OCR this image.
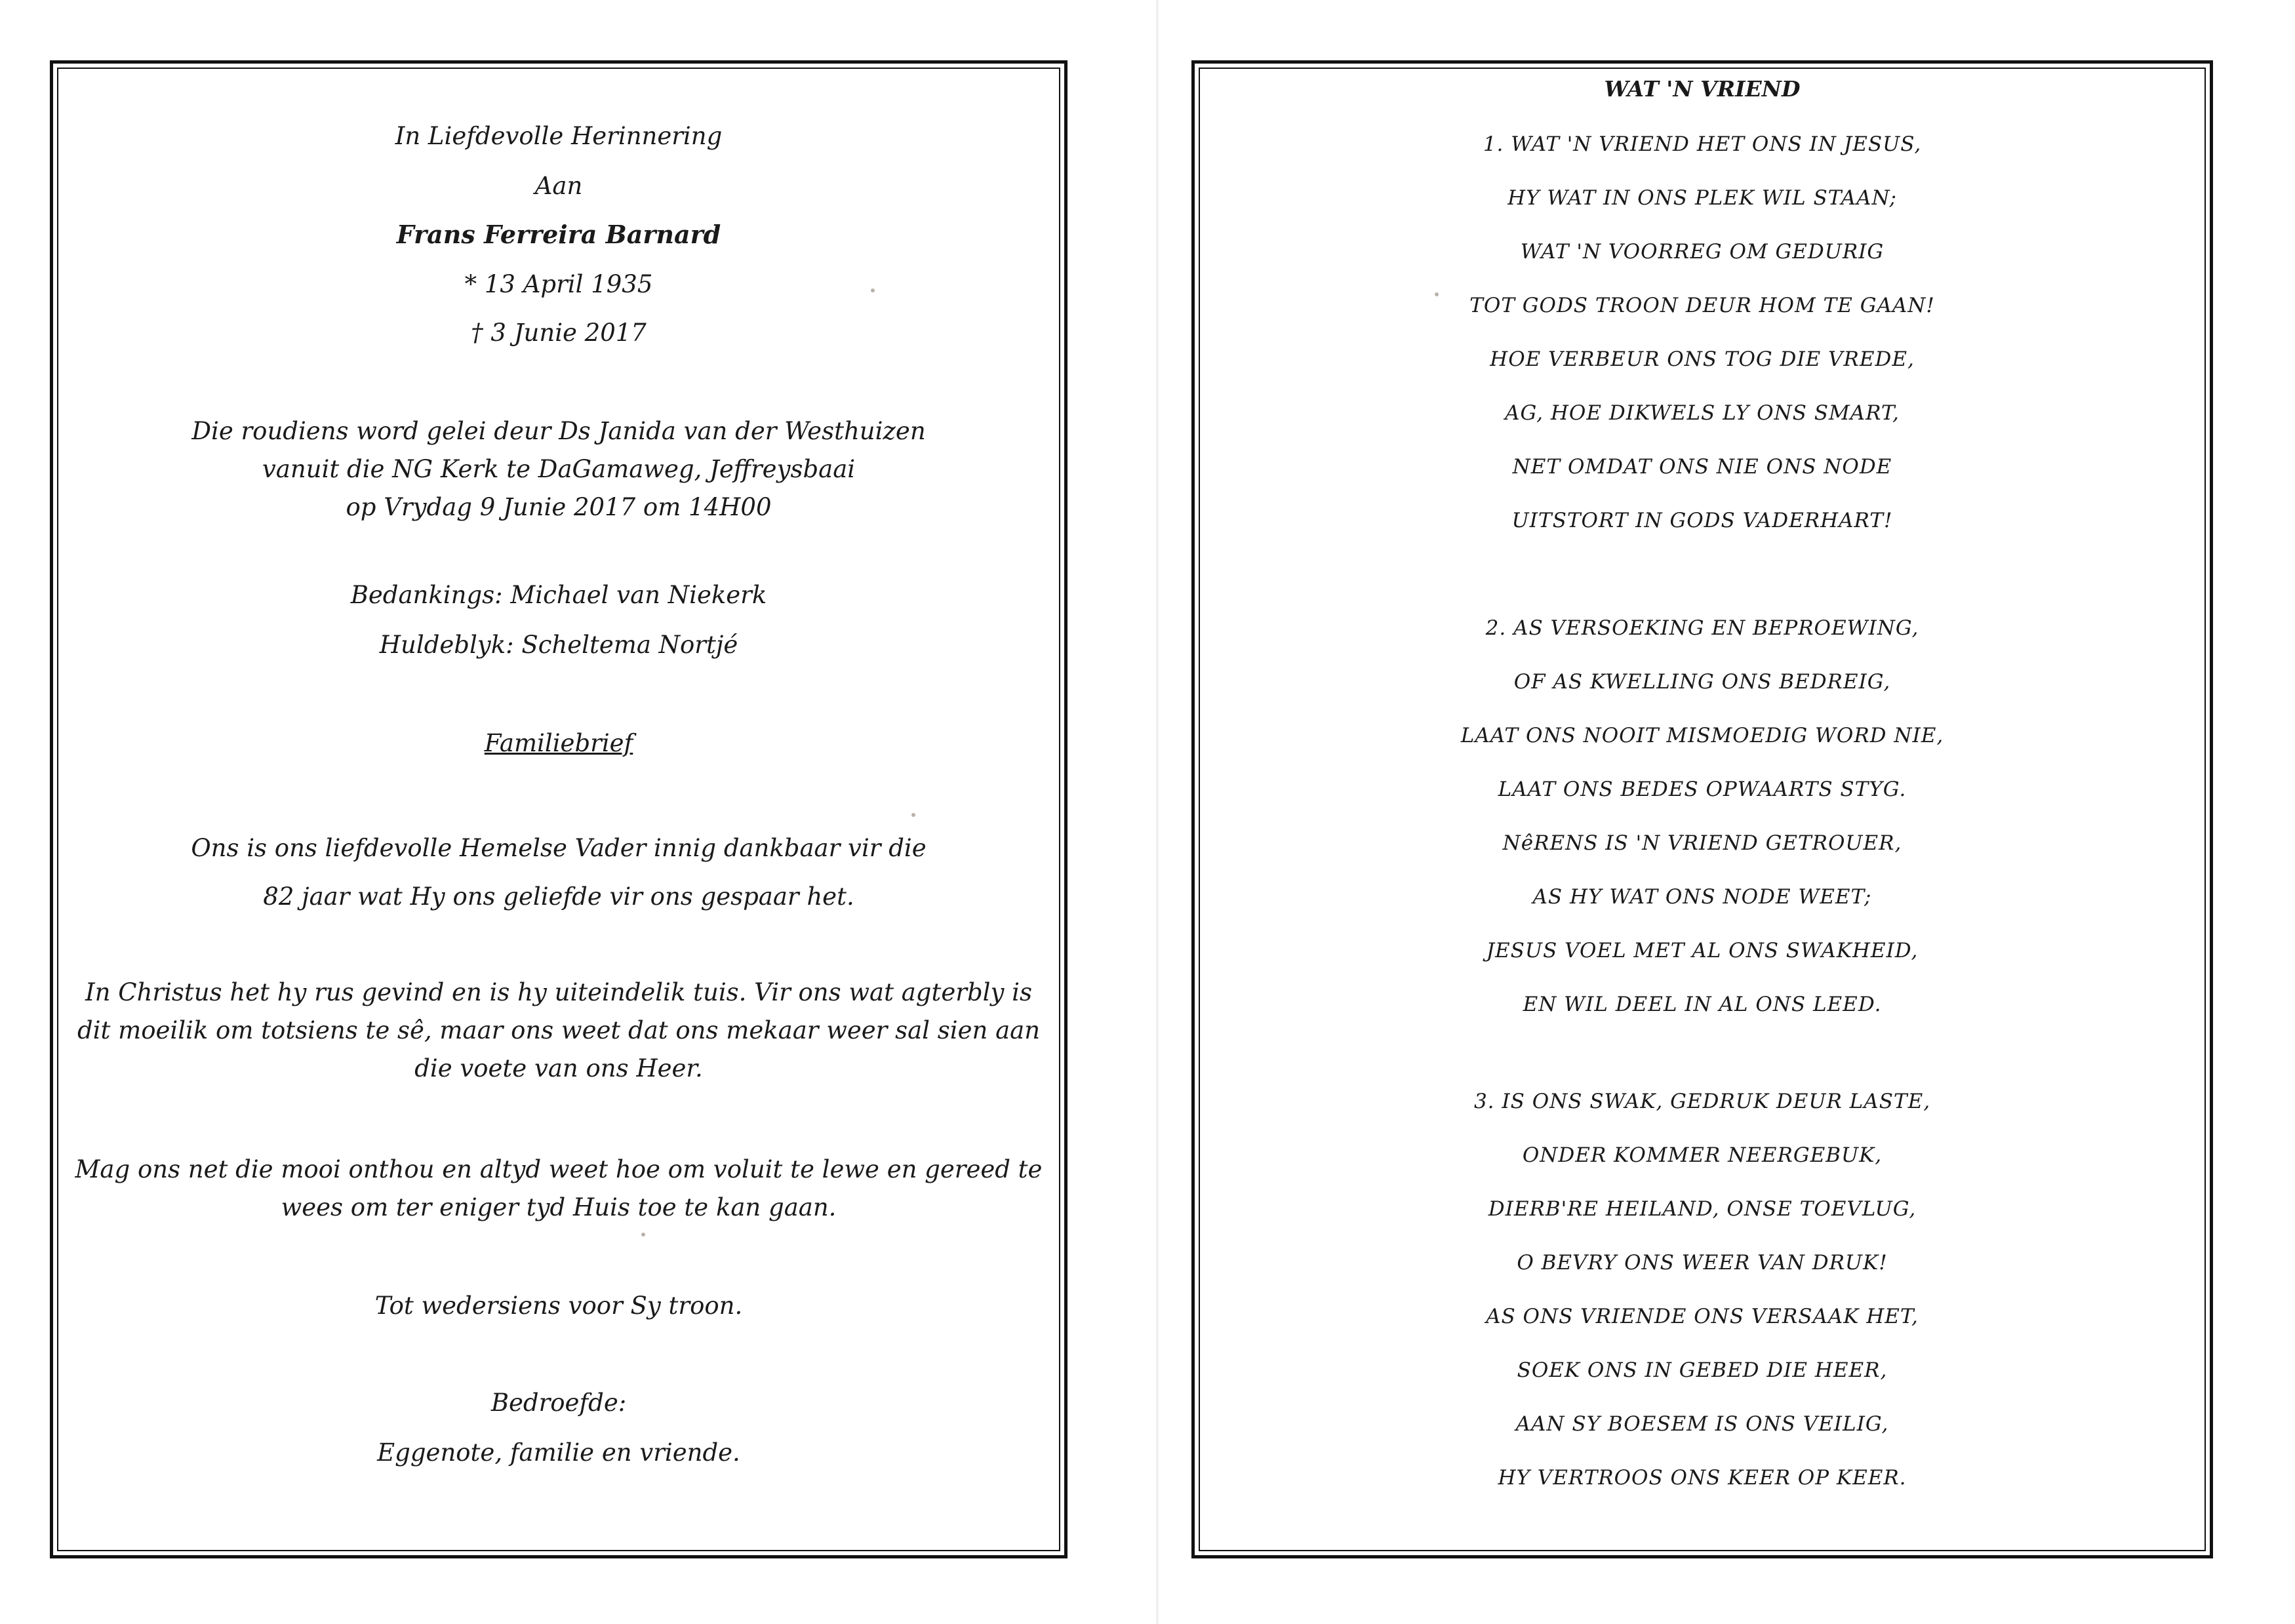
In Liefdevolle Herinnering
Aan
Frans Ferreira Barnard
* 13 April 1935
† 3 Junie 2017
Die roudiens word gelei deur Ds Janida van der Westhuizen
vanuit die NG Kerk te DaGamaweg, Jeffreysbaai
op Vrydag 9 Junie 2017 om 14H00
Bedankings: Michael van Niekerk
Huldeblyk: Scheltema Nortjé
Familiebrief
Ons is ons liefdevolle Hemelse Vader innig dankbaar vir die
82 jaar wat Hy ons geliefde vir ons gespaar het.
In Christus het hy rus gevind en is hy uiteindelik tuis. Vir ons wat agterbly is
dit moeilik om totsiens te sê, maar ons weet dat ons mekaar weer sal sien aan
die voete van ons Heer.
Mag ons net die mooi onthou en altyd weet hoe om voluit te lewe en gereed te
wees om ter eniger tyd Huis toe te kan gaan.
Tot wedersiens voor Sy troon.
Bedroefde:
Eggenote, familie en vriende.
WAT 'N VRIEND
1. WAT 'N VRIEND HET ONS IN JESUS,
HY WAT IN ONS PLEK WIL STAAN;
WAT 'N VOORREG OM GEDURIG
TOT GODS TROON DEUR HOM TE GAAN!
HOE VERBEUR ONS TOG DIE VREDE,
AG, HOE DIKWELS LY ONS SMART,
NET OMDAT ONS NIE ONS NODE
UITSTORT IN GODS VADERHART!
2. AS VERSOEKING EN BEPROEWING,
OF AS KWELLING ONS BEDREIG,
LAAT ONS NOOIT MISMOEDIG WORD NIE,
LAAT ONS BEDES OPWAARTS STYG.
NêRENS IS 'N VRIEND GETROUER,
AS HY WAT ONS NODE WEET;
JESUS VOEL MET AL ONS SWAKHEID,
EN WIL DEEL IN AL ONS LEED.
3. IS ONS SWAK, GEDRUK DEUR LASTE,
ONDER KOMMER NEERGEBUK,
DIERB'RE HEILAND, ONSE TOEVLUG,
O BEVRY ONS WEER VAN DRUK!
AS ONS VRIENDE ONS VERSAAK HET,
SOEK ONS IN GEBED DIE HEER,
AAN SY BOESEM IS ONS VEILIG,
HY VERTROOS ONS KEER OP KEER.
